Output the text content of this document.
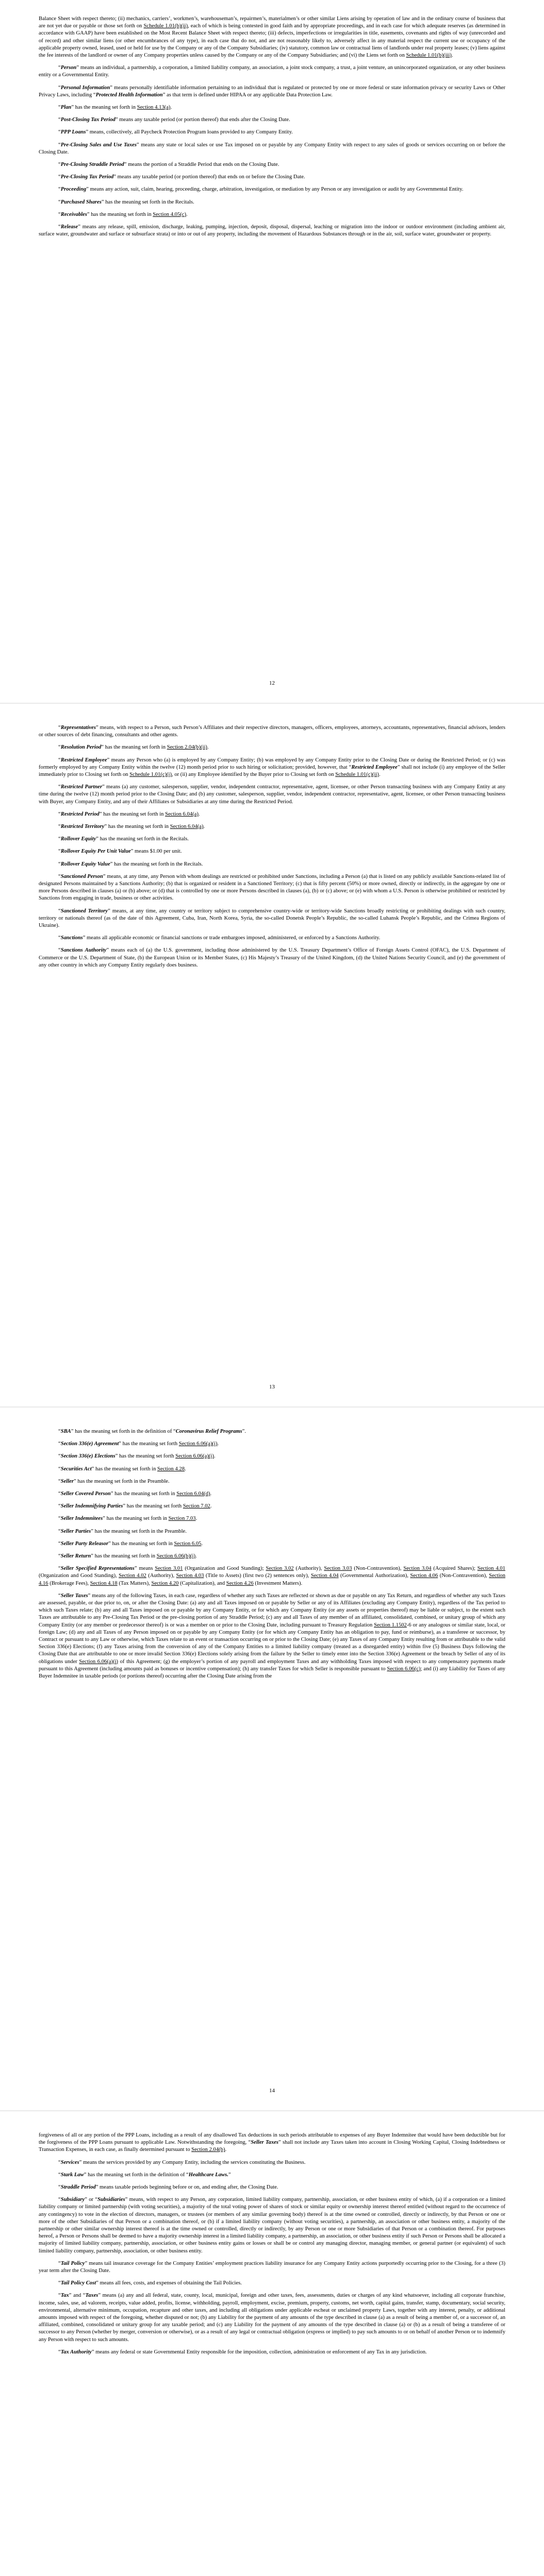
Balance Sheet with respect thereto; (ii) mechanics, carriers’, workmen’s, warehouseman’s, repairmen’s, materialmen’s or other similar Liens arising by operation of law and in the ordinary course of business that are not yet due or payable or those set forth on Schedule 1.01(b)(ii), each of which is being contested in good faith and by appropriate proceedings, and in each case for which adequate reserves (as determined in accordance with GAAP) have been established on the Most Recent Balance Sheet with respect thereto; (iii) defects, imperfections or irregularities in title, easements, covenants and rights of way (unrecorded and of record) and other similar liens (or other encumbrances of any type), in each case that do not, and are not reasonably likely to, adversely affect in any material respect the current use or occupancy of the applicable property owned, leased, used or held for use by the Company or any of the Company Subsidiaries; (iv) statutory, common law or contractual liens of landlords under real property leases; (v) liens against the fee interests of the landlord or owner of any Company properties unless caused by the Company or any of the Company Subsidiaries; and (vi) the Liens set forth on Schedule 1.01(b)(iii).

“Person” means an individual, a partnership, a corporation, a limited liability company, an association, a joint stock company, a trust, a joint venture, an unincorporated organization, or any other business entity or a Governmental Entity.

“Personal Information” means personally identifiable information pertaining to an individual that is regulated or protected by one or more federal or state information privacy or security Laws or Other Privacy Laws, including “Protected Health Information” as that term is defined under HIPAA or any applicable Data Protection Law.

“Plan” has the meaning set forth in Section 4.13(a).

“Post-Closing Tax Period” means any taxable period (or portion thereof) that ends after the Closing Date.

“PPP Loans” means, collectively, all Paycheck Protection Program loans provided to any Company Entity.

“Pre-Closing Sales and Use Taxes” means any state or local sales or use Tax imposed on or payable by any Company Entity with respect to any sales of goods or services occurring on or before the Closing Date.

“Pre-Closing Straddle Period” means the portion of a Straddle Period that ends on the Closing Date.

“Pre-Closing Tax Period” means any taxable period (or portion thereof) that ends on or before the Closing Date.

“Proceeding” means any action, suit, claim, hearing, proceeding, charge, arbitration, investigation, or mediation by any Person or any investigation or audit by any Governmental Entity.

“Purchased Shares” has the meaning set forth in the Recitals.

“Receivables” has the meaning set forth in Section 4.05(c).

“Release” means any release, spill, emission, discharge, leaking, pumping, injection, deposit, disposal, dispersal, leaching or migration into the indoor or outdoor environment (including ambient air, surface water, groundwater and surface or subsurface strata) or into or out of any property, including the movement of Hazardous Substances through or in the air, soil, surface water, groundwater or property.

12

“Representatives” means, with respect to a Person, such Person’s Affiliates and their respective directors, managers, officers, employees, attorneys, accountants, representatives, financial advisors, lenders or other sources of debt financing, consultants and other agents.

“Resolution Period” has the meaning set forth in Section 2.04(b)(ii).

“Restricted Employee” means any Person who (a) is employed by any Company Entity; (b) was employed by any Company Entity prior to the Closing Date or during the Restricted Period; or (c) was formerly employed by any Company Entity within the twelve (12) month period prior to such hiring or solicitation; provided, however, that “Restricted Employee” shall not include (i) any employee of the Seller immediately prior to Closing set forth on Schedule 1.01(c)(i), or (ii) any Employee identified by the Buyer prior to Closing set forth on Schedule 1.01(c)(ii).

“Restricted Partner” means (a) any customer, salesperson, supplier, vendor, independent contractor, representative, agent, licensee, or other Person transacting business with any Company Entity at any time during the twelve (12) month period prior to the Closing Date; and (b) any customer, salesperson, supplier, vendor, independent contractor, representative, agent, licensee, or other Person transacting business with Buyer, any Company Entity, and any of their Affiliates or Subsidiaries at any time during the Restricted Period.

“Restricted Period” has the meaning set forth in Section 6.04(a).

“Restricted Territory” has the meaning set forth in Section 6.04(a).

“Rollover Equity” has the meaning set forth in the Recitals.

“Rollover Equity Per Unit Value” means $1.00 per unit.

“Rollover Equity Value” has the meaning set forth in the Recitals.

“Sanctioned Person” means, at any time, any Person with whom dealings are restricted or prohibited under Sanctions, including a Person (a) that is listed on any publicly available Sanctions-related list of designated Persons maintained by a Sanctions Authority; (b) that is organized or resident in a Sanctioned Territory; (c) that is fifty percent (50%) or more owned, directly or indirectly, in the aggregate by one or more Persons described in clauses (a) or (b) above; or (d) that is controlled by one or more Persons described in clauses (a), (b) or (c) above; or (e) with whom a U.S. Person is otherwise prohibited or restricted by Sanctions from engaging in trade, business or other activities.

“Sanctioned Territory” means, at any time, any country or territory subject to comprehensive country-wide or territory-wide Sanctions broadly restricting or prohibiting dealings with such country, territory or nationals thereof (as of the date of this Agreement, Cuba, Iran, North Korea, Syria, the so-called Donetsk People’s Republic, the so-called Luhansk People’s Republic, and the Crimea Regions of Ukraine).

“Sanctions” means all applicable economic or financial sanctions or trade embargoes imposed, administered, or enforced by a Sanctions Authority.

“Sanctions Authority” means each of (a) the U.S. government, including those administered by the U.S. Treasury Department’s Office of Foreign Assets Control (OFAC), the U.S. Department of Commerce or the U.S. Department of State, (b) the European Union or its Member States, (c) His Majesty’s Treasury of the United Kingdom, (d) the United Nations Security Council, and (e) the government of any other country in which any Company Entity regularly does business.

13

“SBA” has the meaning set forth in the definition of “Coronavirus Relief Programs”.

“Section 336(e) Agreement” has the meaning set forth Section 6.06(a)(i).

“Section 336(e) Elections” has the meaning set forth Section 6.06(a)(i).

“Securities Act” has the meaning set forth in Section 4.28.

“Seller” has the meaning set forth in the Preamble.

“Seller Covered Person” has the meaning set forth in Section 6.04(d).

“Seller Indemnifying Parties” has the meaning set forth Section 7.02.

“Seller Indemnitees” has the meaning set forth in Section 7.03.

“Seller Parties” has the meaning set forth in the Preamble.

“Seller Party Releasor” has the meaning set forth in Section 6.05.

“Seller Return” has the meaning set forth in Section 6.06(b)(i).

“Seller Specified Representations” means Section 3.01 (Organization and Good Standing); Section 3.02 (Authority), Section 3.03 (Non-Contravention), Section 3.04 (Acquired Shares); Section 4.01 (Organization and Good Standing), Section 4.02 (Authority), Section 4.03 (Title to Assets) (first two (2) sentences only), Section 4.04 (Governmental Authorization), Section 4.06 (Non-Contravention), Section 4.16 (Brokerage Fees), Section 4.18 (Tax Matters), Section 4.20 (Capitalization), and Section 4.26 (Investment Matters).

“Seller Taxes” means any of the following Taxes, in each case, regardless of whether any such Taxes are reflected or shown as due or payable on any Tax Return, and regardless of whether any such Taxes are assessed, payable, or due prior to, on, or after the Closing Date: (a) any and all Taxes imposed on or payable by Seller or any of its Affiliates (excluding any Company Entity), regardless of the Tax period to which such Taxes relate; (b) any and all Taxes imposed on or payable by any Company Entity, or for which any Company Entity (or any assets or properties thereof) may be liable or subject, to the extent such Taxes are attributable to any Pre-Closing Tax Period or the pre-closing portion of any Straddle Period; (c) any and all Taxes of any member of an affiliated, consolidated, combined, or unitary group of which any Company Entity (or any member or predecessor thereof) is or was a member on or prior to the Closing Date, including pursuant to Treasury Regulation Section 1.1502-6 or any analogous or similar state, local, or foreign Law; (d) any and all Taxes of any Person imposed on or payable by any Company Entity (or for which any Company Entity has an obligation to pay, fund or reimburse), as a transferee or successor, by Contract or pursuant to any Law or otherwise, which Taxes relate to an event or transaction occurring on or prior to the Closing Date; (e) any Taxes of any Company Entity resulting from or attributable to the valid Section 336(e) Elections; (f) any Taxes arising from the conversion of any of the Company Entities to a limited liability company (treated as a disregarded entity) within five (5) Business Days following the Closing Date that are attributable to one or more invalid Section 336(e) Elections solely arising from the failure by the Seller to timely enter into the Section 336(e) Agreement or the breach by Seller of any of its obligations under Section 6.06(a)(i) of this Agreement; (g) the employer’s portion of any payroll and employment Taxes and any withholding Taxes imposed with respect to any compensatory payments made pursuant to this Agreement (including amounts paid as bonuses or incentive compensation); (h) any transfer Taxes for which Seller is responsible pursuant to Section 6.06(c); and (i) any Liability for Taxes of any Buyer Indemnitee in taxable periods (or portions thereof) occurring after the Closing Date arising from the

14

forgiveness of all or any portion of the PPP Loans, including as a result of any disallowed Tax deductions in such periods attributable to expenses of any Buyer Indemnitee that would have been deductible but for the forgiveness of the PPP Loans pursuant to applicable Law. Notwithstanding the foregoing, “Seller Taxes” shall not include any Taxes taken into account in Closing Working Capital, Closing Indebtedness or Transaction Expenses, in each case, as finally determined pursuant to Section 2.04(b).

“Services” means the services provided by any Company Entity, including the services constituting the Business.

“Stark Law” has the meaning set forth in the definition of “Healthcare Laws.”

“Straddle Period” means taxable periods beginning before or on, and ending after, the Closing Date.

“Subsidiary” or “Subsidiaries” means, with respect to any Person, any corporation, limited liability company, partnership, association, or other business entity of which, (a) if a corporation or a limited liability company or limited partnership (with voting securities), a majority of the total voting power of shares of stock or similar equity or ownership interest thereof entitled (without regard to the occurrence of any contingency) to vote in the election of directors, managers, or trustees (or members of any similar governing body) thereof is at the time owned or controlled, directly or indirectly, by that Person or one or more of the other Subsidiaries of that Person or a combination thereof, or (b) if a limited liability company (without voting securities), a partnership, an association or other business entity, a majority of the partnership or other similar ownership interest thereof is at the time owned or controlled, directly or indirectly, by any Person or one or more Subsidiaries of that Person or a combination thereof. For purposes hereof, a Person or Persons shall be deemed to have a majority ownership interest in a limited liability company, a partnership, an association, or other business entity if such Person or Persons shall be allocated a majority of limited liability company, partnership, association, or other business entity gains or losses or shall be or control any managing director, managing member, or general partner (or equivalent) of such limited liability company, partnership, association, or other business entity.

“Tail Policy” means tail insurance coverage for the Company Entities’ employment practices liability insurance for any Company Entity actions purportedly occurring prior to the Closing, for a three (3) year term after the Closing Date.

“Tail Policy Cost” means all fees, costs, and expenses of obtaining the Tail Policies.

“Tax” and “Taxes” means (a) any and all federal, state, county, local, municipal, foreign and other taxes, fees, assessments, duties or charges of any kind whatsoever, including all corporate franchise, income, sales, use, ad valorem, receipts, value added, profits, license, withholding, payroll, employment, excise, premium, property, customs, net worth, capital gains, transfer, stamp, documentary, social security, environmental, alternative minimum, occupation, recapture and other taxes, and including all obligations under applicable escheat or unclaimed property Laws, together with any interest, penalty, or additional amounts imposed with respect of the foregoing, whether disputed or not; (b) any Liability for the payment of any amounts of the type described in clause (a) as a result of being a member of, or a successor of, an affiliated, combined, consolidated or unitary group for any taxable period; and (c) any Liability for the payment of any amounts of the type described in clause (a) or (b) as a result of being a transferee of or successor to any Person (whether by merger, conversion or otherwise), or as a result of any legal or contractual obligation (express or implied) to pay such amounts to or on behalf of another Person or to indemnify any Person with respect to such amounts.

“Tax Authority” means any federal or state Governmental Entity responsible for the imposition, collection, administration or enforcement of any Tax in any jurisdiction.
